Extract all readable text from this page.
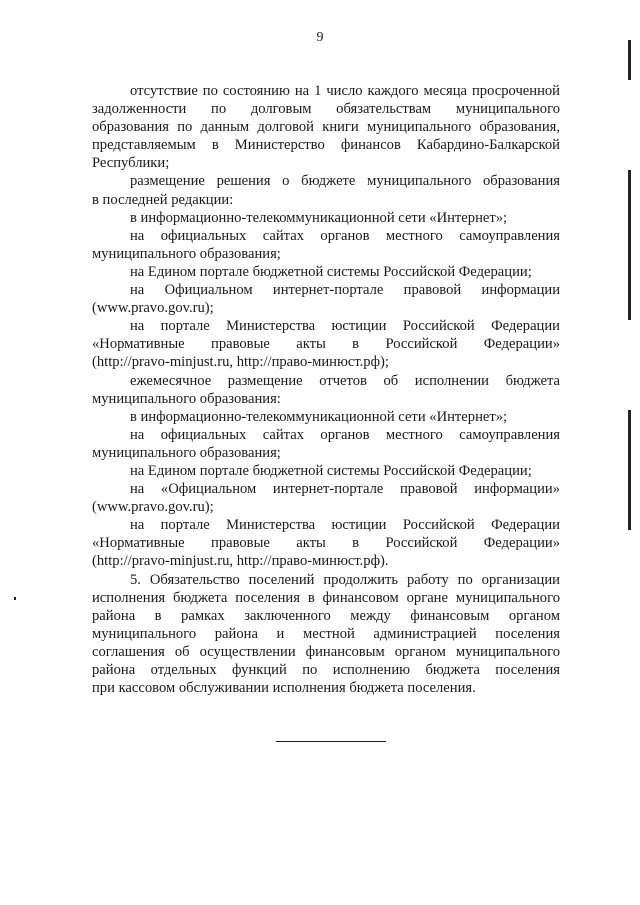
9

отсутствие по состоянию на 1 число каждого месяца просроченной

задолженности по долговым обязательствам муниципального

образования по данным долговой книги муниципального образования,

представляемым в Министерство финансов Кабардино-Балкарской

Республики;

размещение решения о бюджете муниципального образования

в последней редакции:

в информационно-телекоммуникационной сети «Интернет»;

на официальных сайтах органов местного самоуправления

муниципального образования;

на Едином портале бюджетной системы Российской Федерации;

на Официальном интернет-портале правовой информации

(www.pravo.gov.ru);

на портале Министерства юстиции Российской Федерации

«Нормативные правовые акты в Российской Федерации»

(http://pravo-minjust.ru, http://право-минюст.рф);

ежемесячное размещение отчетов об исполнении бюджета

муниципального образования:

в информационно-телекоммуникационной сети «Интернет»;

на официальных сайтах органов местного самоуправления

муниципального образования;

на Едином портале бюджетной системы Российской Федерации;

на «Официальном интернет-портале правовой информации»

(www.pravo.gov.ru);

на портале Министерства юстиции Российской Федерации

«Нормативные правовые акты в Российской Федерации»

(http://pravo-minjust.ru, http://право-минюст.рф).

5. Обязательство поселений продолжить работу по организации

исполнения бюджета поселения в финансовом органе муниципального

района в рамках заключенного между финансовым органом

муниципального района и местной администрацией поселения

соглашения об осуществлении финансовым органом муниципального

района отдельных функций по исполнению бюджета поселения

при кассовом обслуживании исполнения бюджета поселения.
